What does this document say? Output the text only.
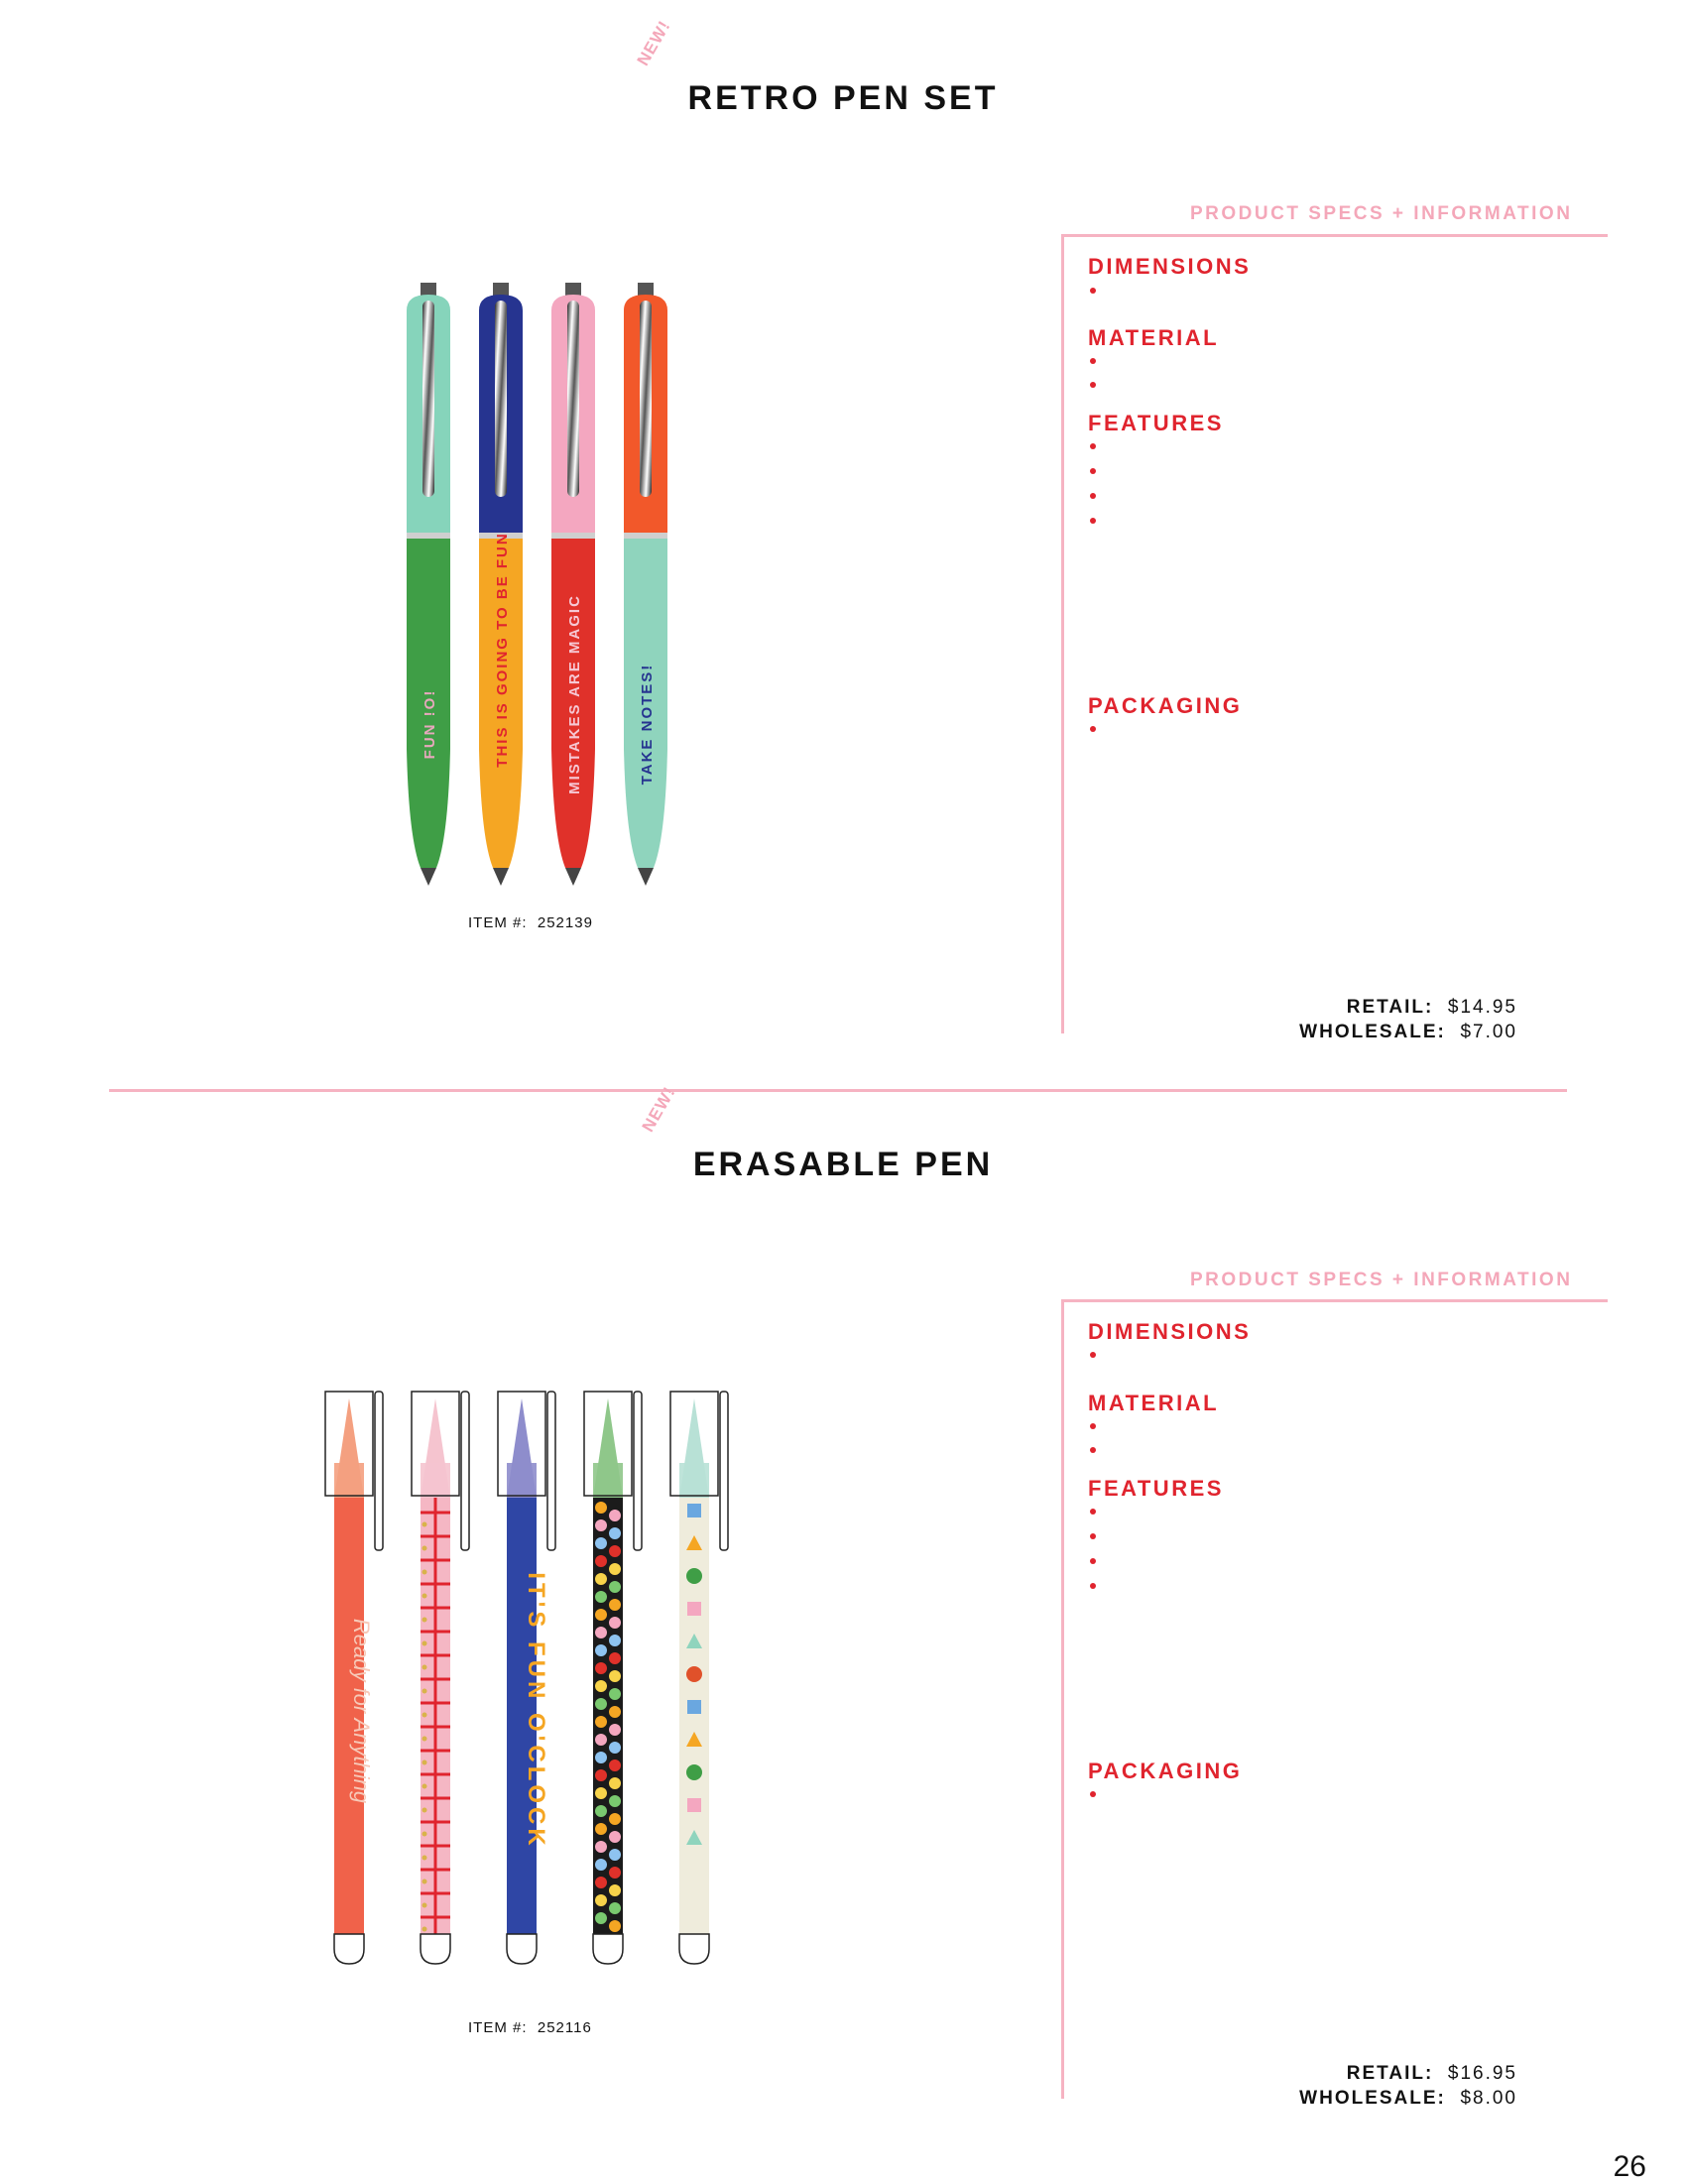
NEW!
RETRO PEN SET
FUN !O!	THIS IS GOING TO BE FUN	MISTAKES ARE MAGIC	TAKE NOTES!
ITEM #: 252139
PRODUCT SPECS + INFORMATION
DIMENSIONS
MATERIAL
FEATURES
PACKAGING
RETAIL: $14.95
WHOLESALE: $7.00
NEW!
ERASABLE PEN
Ready for Anything	IT'S FUN O'CLOCK
ITEM #: 252116
PRODUCT SPECS + INFORMATION
DIMENSIONS
MATERIAL
FEATURES
PACKAGING
RETAIL: $16.95
WHOLESALE: $8.00
26
